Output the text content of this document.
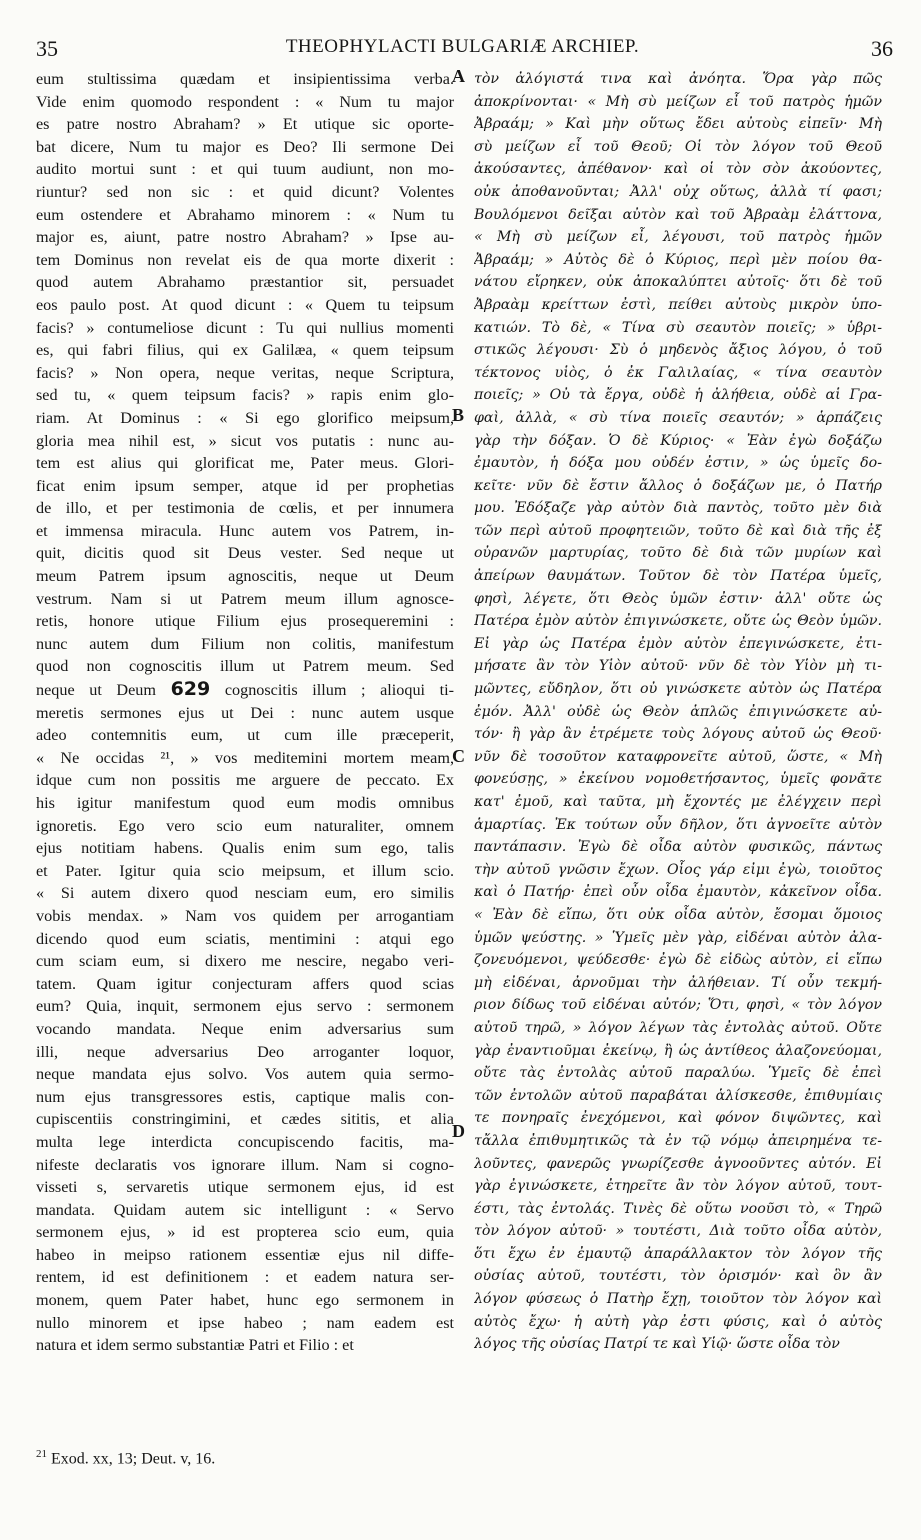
35	THEOPHYLACTI BULGARIÆ ARCHIEP.	36
eum stultissima quædam et insipientissima verba.
Vide enim quomodo respondent : « Num tu major
es patre nostro Abraham? » Et utique sic oporte-
bat dicere, Num tu major es Deo? Ili sermone Dei
audito mortui sunt : et qui tuum audiunt, non mo-
riuntur? sed non sic : et quid dicunt? Volentes
eum ostendere et Abrahamo minorem : « Num tu
major es, aiunt, patre nostro Abraham? » Ipse au-
tem Dominus non revelat eis de qua morte dixerit :
quod autem Abrahamo præstantior sit, persuadet
eos paulo post. At quod dicunt : « Quem tu teipsum
facis? » contumeliose dicunt : Tu qui nullius momenti
es, qui fabri filius, qui ex Galilæa, « quem teipsum
facis? » Non opera, neque veritas, neque Scriptura,
sed tu, « quem teipsum facis? » rapis enim glo-
riam. At Dominus : « Si ego glorifico meipsum,
gloria mea nihil est, » sicut vos putatis : nunc au-
tem est alius qui glorificat me, Pater meus. Glori-
ficat enim ipsum semper, atque id per prophetias
de illo, et per testimonia de cœlis, et per innumera
et immensa miracula. Hunc autem vos Patrem, in-
quit, dicitis quod sit Deus vester. Sed neque ut
meum Patrem ipsum agnoscitis, neque ut Deum
vestrum. Nam si ut Patrem meum illum agnosce-
retis, honore utique Filium ejus prosequeremini :
nunc autem dum Filium non colitis, manifestum
quod non cognoscitis illum ut Patrem meum. Sed
neque ut Deum 629 cognoscitis illum ; alioqui ti-
meretis sermones ejus ut Dei : nunc autem usque
adeo contemnitis eum, ut cum ille præceperit,
« Ne occidas ²¹, » vos meditemini mortem meam,
idque cum non possitis me arguere de peccato. Ex
his igitur manifestum quod eum modis omnibus
ignoretis. Ego vero scio eum naturaliter, omnem
ejus notitiam habens. Qualis enim sum ego, talis
et Pater. Igitur quia scio meipsum, et illum scio.
« Si autem dixero quod nesciam eum, ero similis
vobis mendax. » Nam vos quidem per arrogantiam
dicendo quod eum sciatis, mentimini : atqui ego
cum sciam eum, si dixero me nescire, negabo veri-
tatem. Quam igitur conjecturam affers quod scias
eum? Quia, inquit, sermonem ejus servo : sermonem
vocando mandata. Neque enim adversarius sum
illi, neque adversarius Deo arroganter loquor,
neque mandata ejus solvo. Vos autem quia sermo-
num ejus transgressores estis, captique malis con-
cupiscentiis constringimini, et cædes sititis, et alia
multa lege interdicta concupiscendo facitis, ma-
nifeste declaratis vos ignorare illum. Nam si cogno-
visseti s, servaretis utique sermonem ejus, id est
mandata. Quidam autem sic intelligunt : « Servo
sermonem ejus, » id est propterea scio eum, quia
habeo in meipso rationem essentiæ ejus nil diffe-
rentem, id est definitionem : et eadem natura ser-
monem, quem Pater habet, hunc ego sermonem in
nullo minorem et ipse habeo ; nam eadem est
natura et idem sermo substantiæ Patri et Filio : et
τὸν ἀλόγιστά τινα καὶ ἀνόητα. Ὅρα γὰρ πῶς
ἀποκρίνονται· « Μὴ σὺ μείζων εἶ τοῦ πατρὸς ἡμῶν
Ἀβραάμ; » Καὶ μὴν οὕτως ἔδει αὐτοὺς εἰπεῖν· Μὴ
σὺ μείζων εἶ τοῦ Θεοῦ; Οἱ τὸν λόγον τοῦ Θεοῦ
ἀκούσαντες, ἀπέθανον· καὶ οἱ τὸν σὸν ἀκούοντες,
οὐκ ἀποθανοῦνται; Ἀλλ' οὐχ οὕτως, ἀλλὰ τί φασι;
Βουλόμενοι δεῖξαι αὐτὸν καὶ τοῦ Ἀβραὰμ ἐλάττονα,
« Μὴ σὺ μείζων εἶ, λέγουσι, τοῦ πατρὸς ἡμῶν
Ἀβραάμ; » Αὐτὸς δὲ ὁ Κύριος, περὶ μὲν ποίου θα-
νάτου εἴρηκεν, οὐκ ἀποκαλύπτει αὐτοῖς· ὅτι δὲ τοῦ
Ἀβραὰμ κρείττων ἐστὶ, πείθει αὐτοὺς μικρὸν ὑπο-
κατιών. Τὸ δὲ, « Τίνα σὺ σεαυτὸν ποιεῖς; » ὑβρι-
στικῶς λέγουσι· Σὺ ὁ μηδενὸς ἄξιος λόγου, ὁ τοῦ
τέκτονος υἱὸς, ὁ ἐκ Γαλιλαίας, « τίνα σεαυτὸν
ποιεῖς; » Οὐ τὰ ἔργα, οὐδὲ ἡ ἀλήθεια, οὐδὲ αἱ Γρα-
φαὶ, ἀλλὰ, « σὺ τίνα ποιεῖς σεαυτόν; » ἁρπάζεις
γὰρ τὴν δόξαν. Ὁ δὲ Κύριος· « Ἐὰν ἐγὼ δοξάζω
ἐμαυτὸν, ἡ δόξα μου οὐδέν ἐστιν, » ὡς ὑμεῖς δο-
κεῖτε· νῦν δὲ ἔστιν ἄλλος ὁ δοξάζων με, ὁ Πατήρ
μου. Ἐδόξαζε γὰρ αὐτὸν διὰ παντὸς, τοῦτο μὲν διὰ
τῶν περὶ αὐτοῦ προφητειῶν, τοῦτο δὲ καὶ διὰ τῆς ἐξ
οὐρανῶν μαρτυρίας, τοῦτο δὲ διὰ τῶν μυρίων καὶ
ἀπείρων θαυμάτων. Τοῦτον δὲ τὸν Πατέρα ὑμεῖς,
φησὶ, λέγετε, ὅτι Θεὸς ὑμῶν ἐστιν· ἀλλ' οὔτε ὡς
Πατέρα ἐμὸν αὐτὸν ἐπιγινώσκετε, οὔτε ὡς Θεὸν ὑμῶν.
Εἰ γὰρ ὡς Πατέρα ἐμὸν αὐτὸν ἐπεγινώσκετε, ἐτι-
μήσατε ἂν τὸν Υἱὸν αὐτοῦ· νῦν δὲ τὸν Υἱὸν μὴ τι-
μῶντες, εὔδηλον, ὅτι οὐ γινώσκετε αὐτὸν ὡς Πατέρα
ἐμόν. Ἀλλ' οὐδὲ ὡς Θεὸν ἁπλῶς ἐπιγινώσκετε αὐ-
τόν· ἢ γὰρ ἂν ἐτρέμετε τοὺς λόγους αὐτοῦ ὡς Θεοῦ·
νῦν δὲ τοσοῦτον καταφρονεῖτε αὐτοῦ, ὥστε, « Μὴ
φονεύσῃς, » ἐκείνου νομοθετήσαντος, ὑμεῖς φονᾶτε
κατ' ἐμοῦ, καὶ ταῦτα, μὴ ἔχοντές με ἐλέγχειν περὶ
ἁμαρτίας. Ἐκ τούτων οὖν δῆλον, ὅτι ἀγνοεῖτε αὐτὸν
παντάπασιν. Ἐγὼ δὲ οἶδα αὐτὸν φυσικῶς, πάντως
τὴν αὐτοῦ γνῶσιν ἔχων. Οἷος γάρ εἰμι ἐγὼ, τοιοῦτος
καὶ ὁ Πατήρ· ἐπεὶ οὖν οἶδα ἐμαυτὸν, κἀκεῖνον οἶδα.
« Ἐὰν δὲ εἴπω, ὅτι οὐκ οἶδα αὐτὸν, ἔσομαι ὅμοιος
ὑμῶν ψεύστης. » Ὑμεῖς μὲν γὰρ, εἰδέναι αὐτὸν ἀλα-
ζονευόμενοι, ψεύδεσθε· ἐγὼ δὲ εἰδὼς αὐτὸν, εἰ εἴπω
μὴ εἰδέναι, ἀρνοῦμαι τὴν ἀλήθειαν. Τί οὖν τεκμή-
ριον δίδως τοῦ εἰδέναι αὐτόν; Ὅτι, φησὶ, « τὸν λόγον
αὐτοῦ τηρῶ, » λόγον λέγων τὰς ἐντολὰς αὐτοῦ. Οὔτε
γὰρ ἐναντιοῦμαι ἐκείνῳ, ἢ ὡς ἀντίθεος ἀλαζονεύομαι,
οὔτε τὰς ἐντολὰς αὐτοῦ παραλύω. Ὑμεῖς δὲ ἐπεὶ
τῶν ἐντολῶν αὐτοῦ παραβάται ἁλίσκεσθε, ἐπιθυμίαις
τε πονηραῖς ἐνεχόμενοι, καὶ φόνον διψῶντες, καὶ
τἄλλα ἐπιθυμητικῶς τὰ ἐν τῷ νόμῳ ἀπειρημένα τε-
λοῦντες, φανερῶς γνωρίζεσθε ἀγνοοῦντες αὐτόν. Εἰ
γὰρ ἐγινώσκετε, ἐτηρεῖτε ἂν τὸν λόγον αὐτοῦ, τουτ-
έστι, τὰς ἐντολάς. Τινὲς δὲ οὕτω νοοῦσι τὸ, « Τηρῶ
τὸν λόγον αὐτοῦ· » τουτέστι, Διὰ τοῦτο οἶδα αὐτὸν,
ὅτι ἔχω ἐν ἐμαυτῷ ἀπαράλλακτον τὸν λόγον τῆς
οὐσίας αὐτοῦ, τουτέστι, τὸν ὁρισμόν· καὶ ὃν ἂν
λόγον φύσεως ὁ Πατὴρ ἔχῃ, τοιοῦτον τὸν λόγον καὶ
αὐτὸς ἔχω· ἡ αὐτὴ γὰρ ἐστι φύσις, καὶ ὁ αὐτὸς
λόγος τῆς οὐσίας Πατρί τε καὶ Υἱῷ· ὥστε οἶδα τὸν
A
B
C
D
$^{21}$ Exod. xx, 13; Deut. v, 16.
